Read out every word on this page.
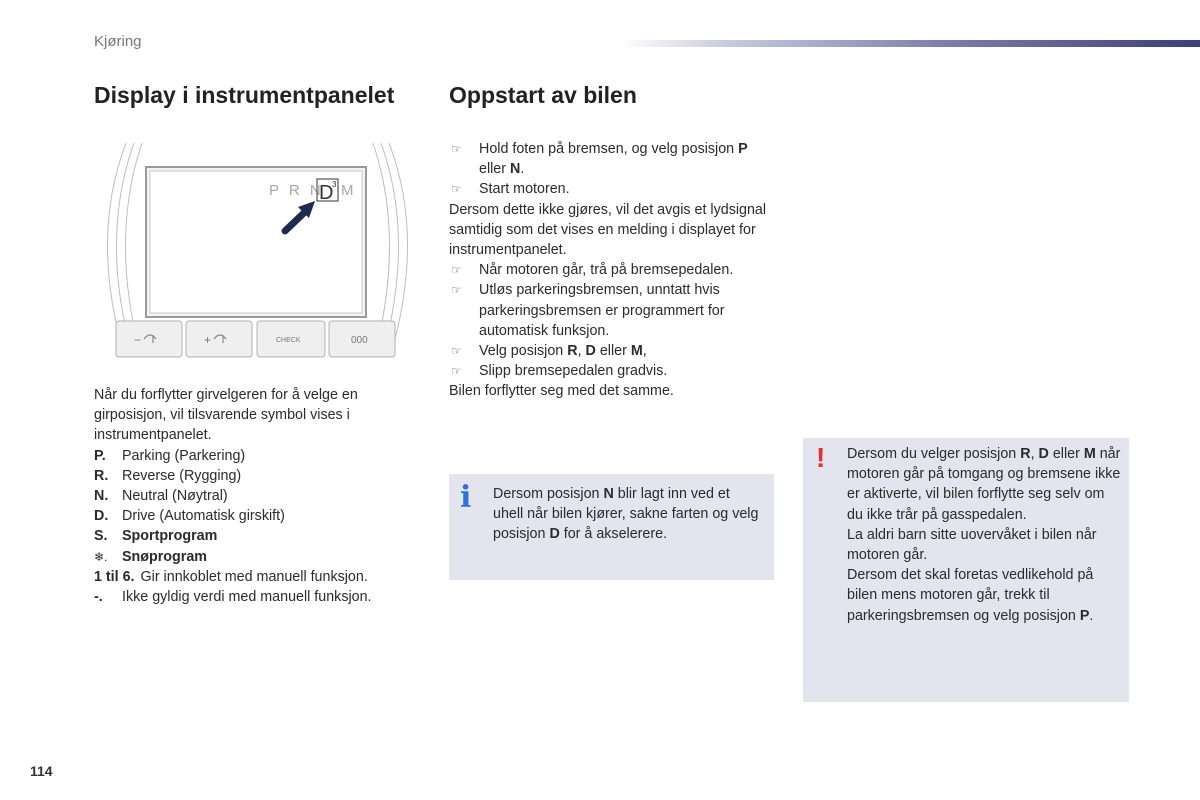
Kjøring
Display i instrumentpanelet Oppstart av bilen
P R N
D
3 M
−	+	CHECK	000

Når du forflytter girvelgeren for å velge en girposisjon, vil tilsvarende symbol vises i instrumentpanelet.

P.	Parking (Parkering)
R. Reverse (Rygging)
N. Neutral (Nøytral)
D. Drive (Automatisk girskift)
S.	Sportprogram
❄.	Snøprogram
1 til 6. Gir innkoblet med manuell funksjon.
-.	Ikke gyldig verdi med manuell funksjon.
☞	Hold foten på bremsen, og velg posisjon P eller N.
☞	Start motoren.

Dersom dette ikke gjøres, vil det avgis et lydsignal samtidig som det vises en melding i displayet for instrumentpanelet.

☞	Når motoren går, trå på bremsepedalen.
☞	Utløs parkeringsbremsen, unntatt hvis parkeringsbremsen er programmert for automatisk funksjon.
☞	Velg posisjon R, D eller M,
☞	Slipp bremsepedalen gradvis.

Bilen forflytter seg med det samme.

i Dersom posisjon N blir lagt inn ved et uhell når bilen kjører, sakne farten og velg posisjon D for å akselerere.
! Dersom du velger posisjon R, D eller M når motoren går på tomgang og bremsene ikke er aktiverte, vil bilen forflytte seg selv om du ikke trår på gasspedalen.

La aldri barn sitte uovervåket i bilen når motoren går.

Dersom det skal foretas vedlikehold på bilen mens motoren går, trekk til parkeringsbremsen og velg posisjon P.

114
